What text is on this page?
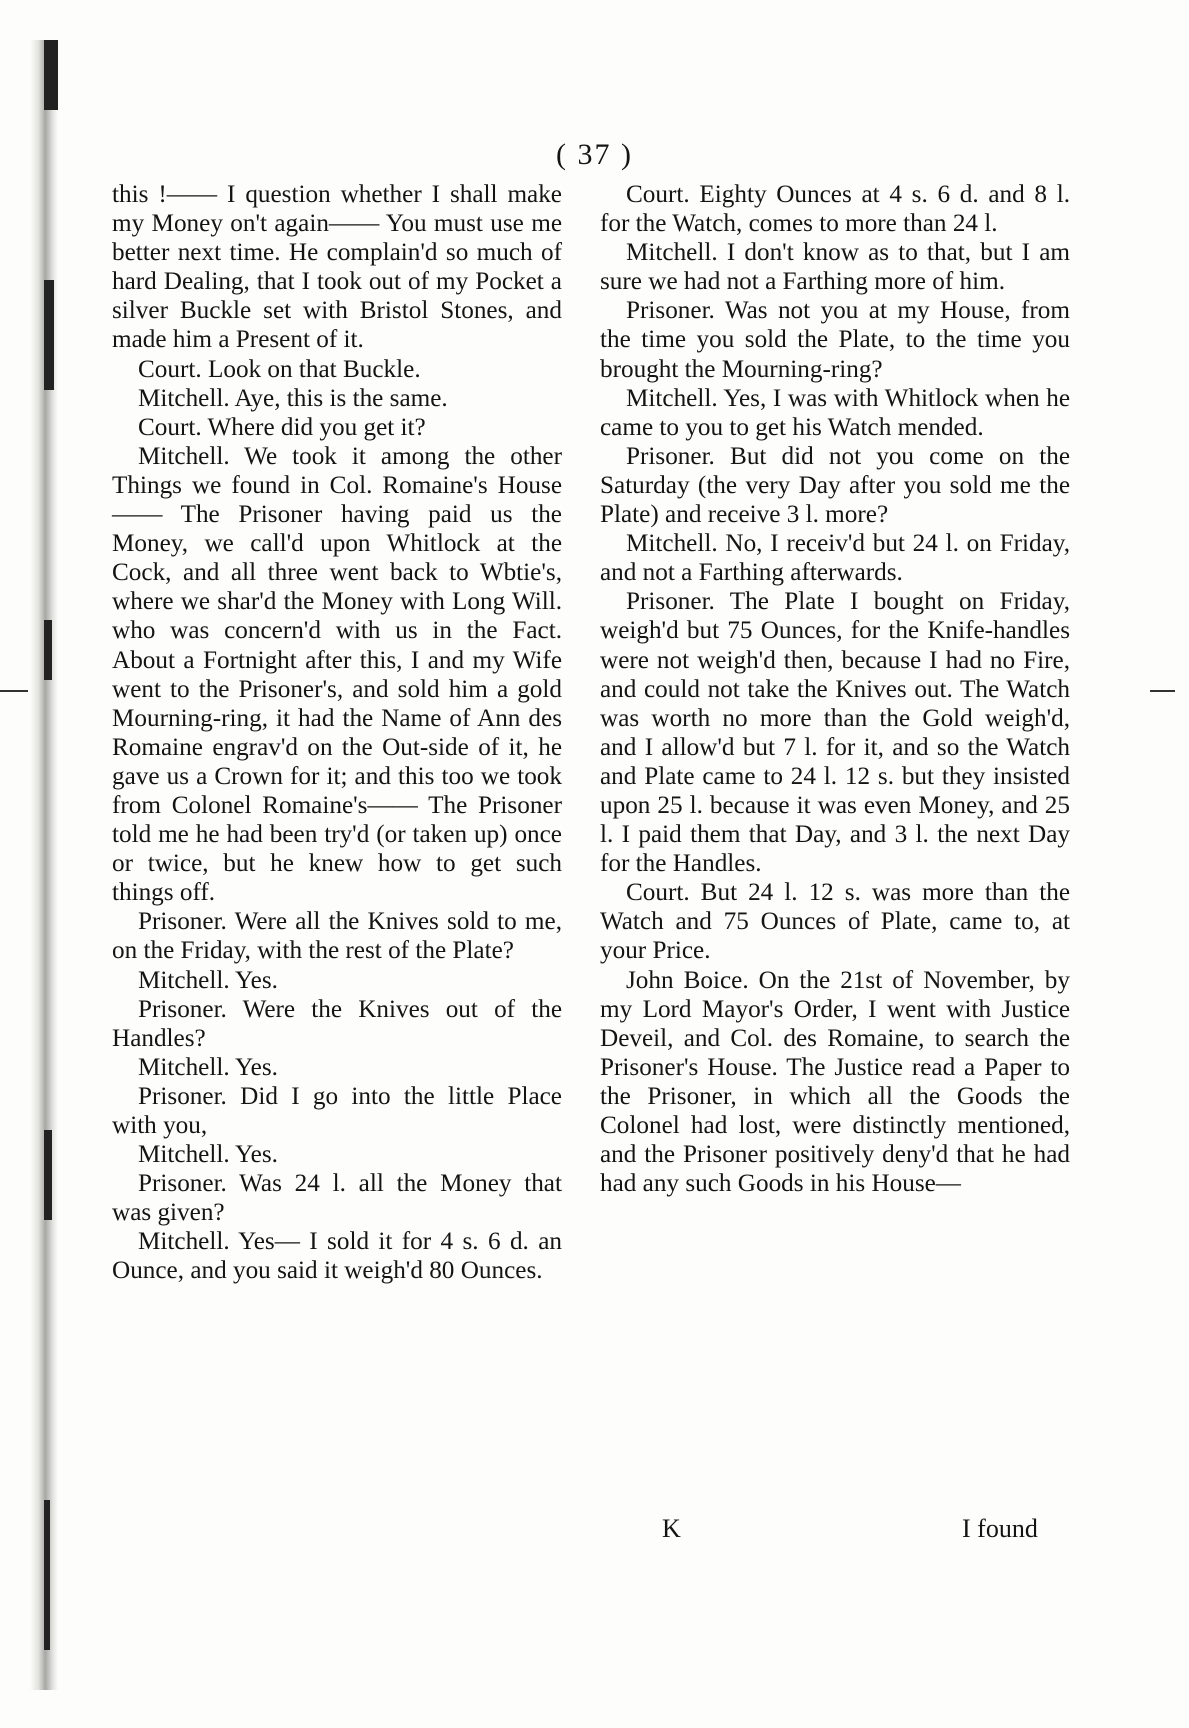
( 37 )

this !—— I question whether I shall make my Money on't again—— You must use me better next time. He complain'd so much of hard Dealing, that I took out of my Pocket a silver Buckle set with Bristol Stones, and made him a Present of it.

Court. Look on that Buckle.

Mitchell. Aye, this is the same.

Court. Where did you get it?

Mitchell. We took it among the other Things we found in Col. Romaine's House—— The Prisoner having paid us the Money, we call'd upon Whitlock at the Cock, and all three went back to Wbtie's, where we shar'd the Money with Long Will. who was concern'd with us in the Fact. About a Fortnight after this, I and my Wife went to the Prisoner's, and sold him a gold Mourning-ring, it had the Name of Ann des Romaine engrav'd on the Out-side of it, he gave us a Crown for it; and this too we took from Colonel Romaine's—— The Prisoner told me he had been try'd (or taken up) once or twice, but he knew how to get such things off.

Prisoner. Were all the Knives sold to me, on the Friday, with the rest of the Plate?

Mitchell. Yes.

Prisoner. Were the Knives out of the Handles?

Mitchell. Yes.

Prisoner. Did I go into the little Place with you,

Mitchell. Yes.

Prisoner. Was 24 l. all the Money that was given?

Mitchell. Yes— I sold it for 4 s. 6 d. an Ounce, and you said it weigh'd 80 Ounces.

Court. Eighty Ounces at 4 s. 6 d. and 8 l. for the Watch, comes to more than 24 l.

Mitchell. I don't know as to that, but I am sure we had not a Farthing more of him.

Prisoner. Was not you at my House, from the time you sold the Plate, to the time you brought the Mourning-ring?

Mitchell. Yes, I was with Whitlock when he came to you to get his Watch mended.

Prisoner. But did not you come on the Saturday (the very Day after you sold me the Plate) and receive 3 l. more?

Mitchell. No, I receiv'd but 24 l. on Friday, and not a Farthing afterwards.

Prisoner. The Plate I bought on Friday, weigh'd but 75 Ounces, for the Knife-handles were not weigh'd then, because I had no Fire, and could not take the Knives out. The Watch was worth no more than the Gold weigh'd, and I allow'd but 7 l. for it, and so the Watch and Plate came to 24 l. 12 s. but they insisted upon 25 l. because it was even Money, and 25 l. I paid them that Day, and 3 l. the next Day for the Handles.

Court. But 24 l. 12 s. was more than the Watch and 75 Ounces of Plate, came to, at your Price.

John Boice. On the 21st of November, by my Lord Mayor's Order, I went with Justice Deveil, and Col. des Romaine, to search the Prisoner's House. The Justice read a Paper to the Prisoner, in which all the Goods the Colonel had lost, were distinctly mentioned, and the Prisoner positively deny'd that he had had any such Goods in his House—

K	I found
